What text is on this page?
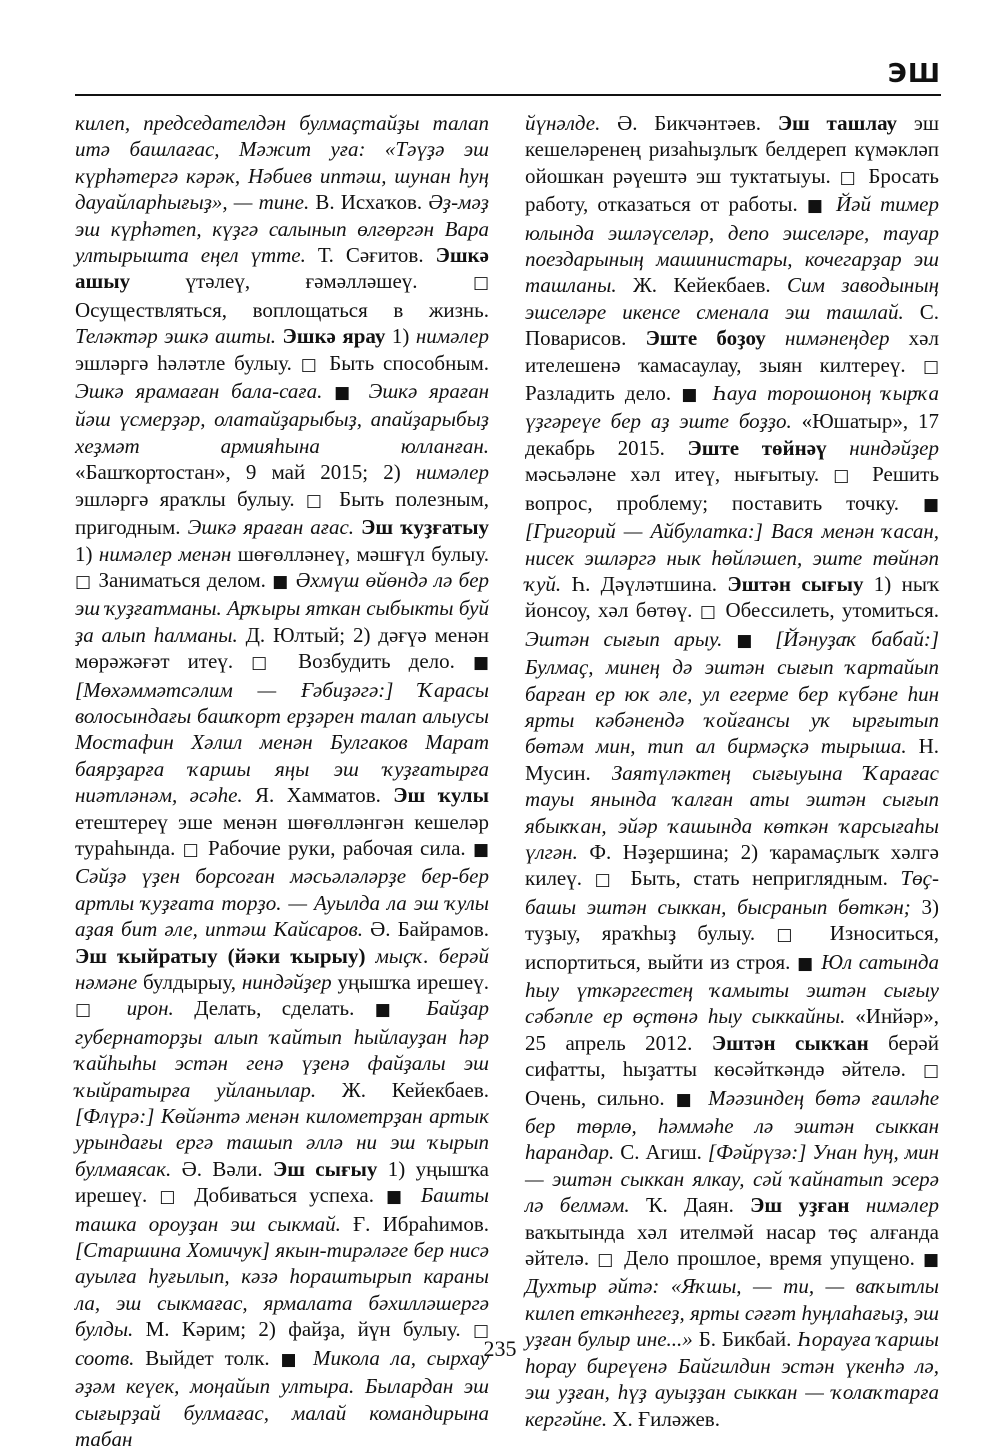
ЭШ

килеп, председателдән булмаҫтайҙы талап итә башлағас, Мәжит уға: «Тәүҙә эш күрһәтергә кәрәк, Нәбиев иптәш, шунан һуң дауайларһығыҙ», — тине. В. Исхаҡов. Әҙ-мәҙ эш күрһәтеп, күҙгә салынып өлгөргән Вара ултырышта еңел үтте. Т. Сәғитов. Эшкә ашыу үтәлеү, ғәмәлләшеү. □ Осуществляться, воплощаться в жизнь. Теләктәр эшкә ашты. Эшкә ярау 1) нимәлер эшләргә һәләтле булыу. □ Быть способным. Эшкә ярамаған бала-саға. ■ Эшкә яраған йәш үсмерҙәр, олатайҙарыбыҙ, апайҙарыбыҙ хеҙмәт армияһына юлланған. «Башҡортостан», 9 май 2015; 2) нимәлер эшләргә яраҡлы булыу. □ Быть полезным, пригодным. Эшкә яраған ағас. Эш ҡуҙғатыу 1) нимәлер менән шөғөлләнеү, мәшғүл булыу. □ Заниматься делом. ■ Әхмүш өйөндә лә бер эш ҡуҙғатманы. Арҡыры яткан сыбыкты буй ҙа алып һалманы. Д. Юлтый; 2) дәғүә менән мөрәжәғәт итеү. □ Возбудить дело. ■ [Мөхәммәтсәлим — Ғәбиҙәгә:] Ҡарасы волосындағы башҡорт ерҙәрен талап алыусы Мостафин Хәлил менән Булгаков Марат баярҙарға ҡаршы яңы эш ҡуҙғатырға ниәтләнәм, әсәһе. Я. Хамматов. Эш ҡулы етештереү эше менән шөғөлләнгән кешеләр тураһында. □ Рабочие руки, рабочая сила. ■ Сәйҙә үҙен борсоған мәсьәләләрҙе бер-бер артлы ҡуҙғата торҙо. — Ауылда ла эш ҡулы аҙая бит әле, иптәш Кайсаров. Ә. Байрамов. Эш ҡыйратыу (йәки ҡырыу) мыҫҡ. берәй нәмәне булдырыу, ниндәйҙер уңышҡа ирешеү. □ ирон. Делать, сделать. ■ Байҙар губернаторҙы алып ҡайтып һыйлауҙан һәр ҡайһыһы эстән генә үҙенә файҙалы эш ҡыйратырға уйланылар. Ж. Кейекбаев. [Флүрә:] Көйәнтә менән километрҙан артык урындағы ергә ташып әллә ни эш ҡырып булмаясак. Ә. Вәли. Эш сығыу 1) уңышҡа ирешеү. □ Добиваться успеха. ■ Башты ташка ороуҙан эш сыкмай. Ғ. Ибраһимов. [Старшина Хомичук] якын-тирәләге бер нисә ауылға һуғылып, кәзә һораштырып караны ла, эш сыкмағас, ярмалата бәхилләшергә булды. М. Кәрим; 2) файҙа, йүн булыу. □ соотв. Выйдет толк. ■ Микола ла, сырхау әҙәм кеүек, моңайып ултыра. Былардан эш сығырҙай булмағас, малай командирына табан

йүнәлде. Ә. Бикчәнтәев. Эш ташлау эш кешеләренең ризаһыҙлыҡ белдереп күмәкләп ойошкан рәүештә эш туктатыуы. □ Бросать работу, отказаться от работы. ■ Йәй тимер юлында эшләүселәр, депо эшселәре, тауар поездарының машинистары, кочегарҙар эш ташланы. Ж. Кейекбаев. Сим заводының эшселәре икенсе сменала эш ташлай. С. Поварисов. Эште боҙоу нимәнеңдер хәл ителешенә ҡамасаулау, зыян килтереү. □ Разладить дело. ■ Һауа торошоноң ҡырҡа үҙгәреүе бер аҙ эште боҙҙо. «Юшатыр», 17 декабрь 2015. Эште төйнәү ниндәйҙер мәсьәләне хәл итеү, нығытыу. □ Решить вопрос, проблему; поставить точку. ■ [Григорий — Айбулатка:] Вася менән ҡасан, нисек эшләргә нык һөйләшеп, эште төйнәп ҡуй. Һ. Дәүләтшина. Эштән сығыу 1) ныҡ йонсоу, хәл бөтөү. □ Обессилеть, утомиться. Эштән сығып арыу. ■ [Йәнуҙаҡ бабай:] Булмаҫ, минең дә эштән сығып ҡартайып барған ер юк әле, ул егерме бер күбәне һин ярты кәбәнендә ҡойғансы уҡ ырғытып бөтәм мин, тип ал бирмәҫкә тырыша. Н. Мусин. Заятүләктең сығыуына Ҡарағас тауы янында ҡалған аты эштән сығып ябыкҡан, эйәр ҡашында көткән ҡарсығаһы үлгән. Ф. Нәҙершина; 2) ҡарамаҫлыҡ хәлгә килеү. □ Быть, стать неприглядным. Төҫ-башы эштән сыккан, бысранып бөткән; 3) туҙыу, яраҡһыҙ булыу. □ Износиться, испортиться, выйти из строя. ■ Юл сатында һыу үткәргестең ҡамыты эштән сығыу сәбәпле ер өҫтөнә һыу сыккайны. «Инйәр», 25 апрель 2012. Эштән сыкҡан берәй сифатты, һыҙатты көсәйткәндә әйтелә. □ Очень, сильно. ■ Мәәзиндең бөтә ғаиләһе бер төрлө, һәммәһе лә эштән сыккан һарандар. С. Агиш. [Фәйрүзә:] Унан һуң, мин — эштән сыккан ялкау, сәй ҡайнатып эсерә лә белмәм. Ҡ. Даян. Эш уҙған нимәлер ваҡытында хәл ителмәй насар төҫ алғанда әйтелә. □ Дело прошлое, время упущено. ■ Духтыр әйтә: «Яҡшы, — ти, — ваҡытлы килеп еткәнһегеҙ, ярты сәғәт һуңлаһағыҙ, эш уҙған булыр ине...» Б. Бикбай. Һорауға ҡаршы һорау биреүенә Байгилдин эстән үкенһә лә, эш уҙған, һүҙ ауыҙҙан сыккан — ҡолаҡтарға кергәйне. Х. Ғиләжев.

235
